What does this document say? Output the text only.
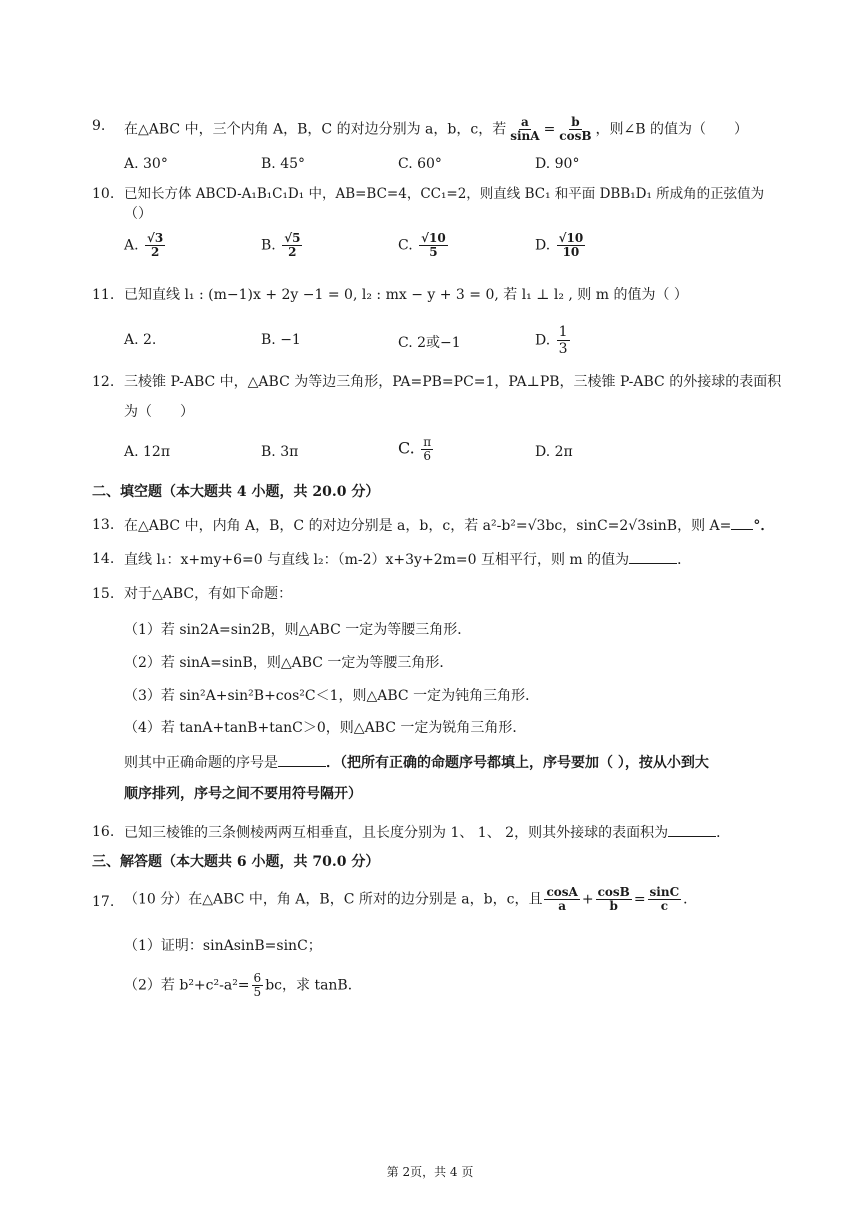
9. 在△ABC 中，三个内角 A，B，C 的对边分别为 a，b，c，若 $\frac{a}{\sin A} = \frac{b}{\cos B}$ ，则∠B 的值为（　　）
A. 30°	B. 45°	C. 60°	D. 90°
10. 已知长方体 ABCD-A₁B₁C₁D₁ 中，AB=BC=4，CC₁=2，则直线 BC₁ 和平面 DBB₁D₁ 所成角的正弦值为
（）
A. $\frac{√3}{2}$	B. $\frac{√5}{2}$	C. $\frac{√10}{5}$	D. $\frac{√10}{10}$
11. 已知直线 l₁ : (m−1)x + 2y −1 = 0, l₂ : mx − y + 3 = 0, 若 l₁ ⊥ l₂ , 则 m 的值为（ ）
A. 2.	B. −1	C. 2或−1	D. $\frac{1}{3}$
12. 三棱锥 P-ABC 中，△ABC 为等边三角形，PA=PB=PC=1，PA⊥PB，三棱锥 P-ABC 的外接球的表面积
为（　　）
A. 12π	B. 3π	C. $\frac{\pi}{6}$	D. 2π
二、填空题（本大题共 4 小题，共 20.0 分）
13. 在△ABC 中，内角 A，B，C 的对边分别是 a，b，c，若 a²-b²=√3bc，sinC=2√3sinB，则 A= °．
14. 直线 l₁：x+my+6=0 与直线 l₂：（m-2）x+3y+2m=0 互相平行，则 m 的值为	．
15. 对于△ABC，有如下命题：
（1）若 sin2A=sin2B，则△ABC 一定为等腰三角形．
（2）若 sinA=sinB，则△ABC 一定为等腰三角形．
（3）若 sin²A+sin²B+cos²C＜1，则△ABC 一定为钝角三角形．
（4）若 tanA+tanB+tanC＞0，则△ABC 一定为锐角三角形．
则其中正确命题的序号是	．（把所有正确的命题序号都填上，序号要加（ ），按从小到大
顺序排列，序号之间不要用符号隔开）
16. 已知三棱锥的三条侧棱两两互相垂直，且长度分别为 1、 1、 2，则其外接球的表面积为	．
三、解答题（本大题共 6 小题，共 70.0 分）
17. （10 分）在△ABC 中，角 A，B，C 所对的边分别是 a，b，c，且 $\frac{\cos A}{a} + \frac{\cos B}{b} = \frac{\sin C}{c}$ ．
（1）证明：sinAsinB=sinC；
（2）若 $b^2+c^2-a^2= \frac{6}{5}$ bc，求 tanB．
第 2页，共 4 页
